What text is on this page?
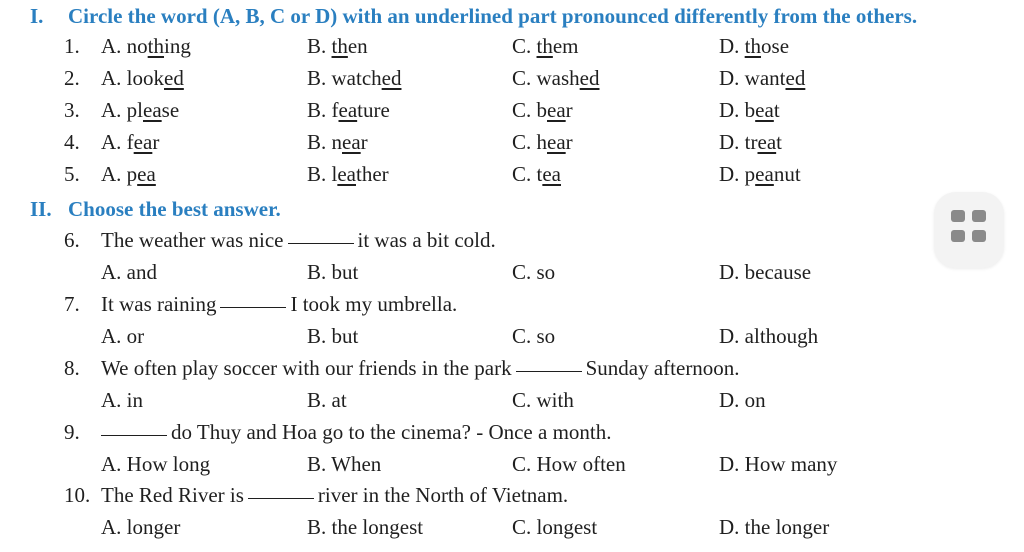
I. Circle the word (A, B, C or D) with an underlined part pronounced differently from the others.
1. A. nothing	B. then	C. them	D. those
2. A. looked	B. watched	C. washed	D. wanted
3. A. please	B. feature	C. bear	D. beat
4. A. fear	B. near	C. hear	D. treat
5. A. pea	B. leather	C. tea	D. peanut
II. Choose the best answer.
6. The weather was nice	it was a bit cold.
A. and	B. but	C. so	D. because
7. It was raining	I took my umbrella.
A. or	B. but	C. so	D. although
8. We often play soccer with our friends in the park	Sunday afternoon.
A. in	B. at	C. with	D. on
9.	do Thuy and Hoa go to the cinema? - Once a month.
A. How long	B. When	C. How often	D. How many
10. The Red River is	river in the North of Vietnam.
A. longer	B. the longest	C. longest	D. the longer
